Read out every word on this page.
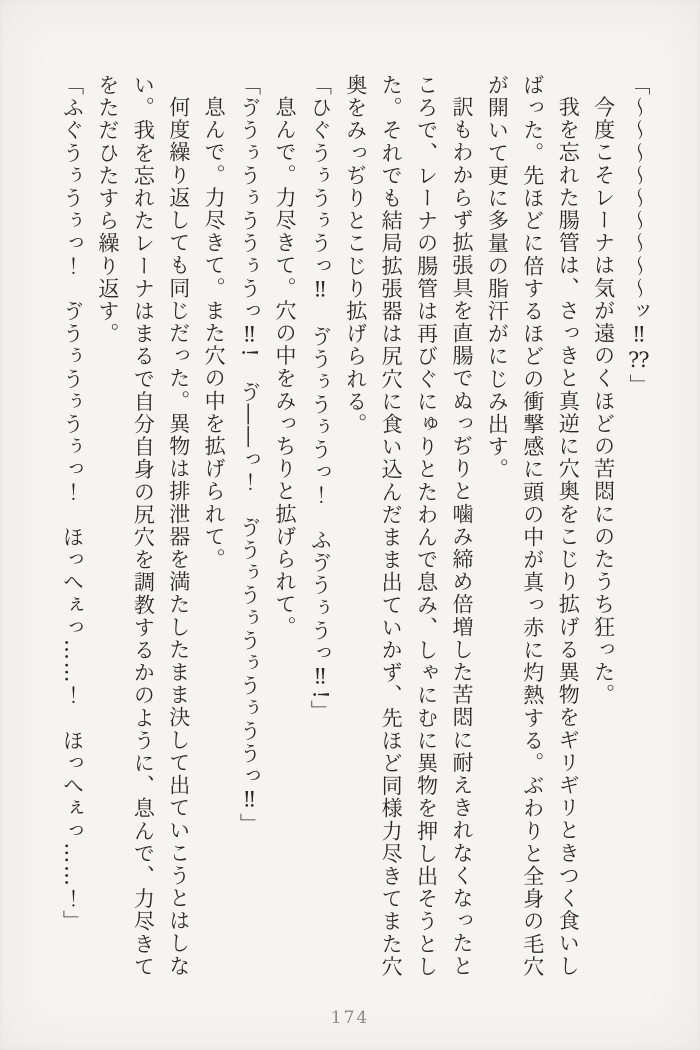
「～～～～～～～～～ッ‼⁇」
今度こそレーナは気が遠のくほどの苦悶にのたうち狂った。
我を忘れた腸管は、さっきと真逆に穴奥をこじり拡げる異物をギリギリときつく食いし
ばった。先ほどに倍するほどの衝撃感に頭の中が真っ赤に灼熱する。ぶわりと全身の毛穴
が開いて更に多量の脂汗がにじみ出す。
訳もわからず拡張具を直腸でぬっぢりと噛み締め倍増した苦悶に耐えきれなくなったと
ころで、レーナの腸管は再びぐにゅりとたわんで息み、しゃにむに異物を押し出そうとし
た。それでも結局拡張器は尻穴に食い込んだまま出ていかず、先ほど同様力尽きてまた穴
奥をみっぢりとこじり拡げられる。
「ひぐうぅうぅうっ‼　ゔうぅうぅうっ！　ふゔうぅうっ‼!」
息んで。力尽きて。穴の中をみっちりと拡げられて。
「ゔうぅうぅううぅうっ‼!　ゔ――っ！　ゔうぅうぅうぅうぅううっ‼」
息んで。力尽きて。また穴の中を拡げられて。
何度繰り返しても同じだった。異物は排泄器を満たしたまま決して出ていこうとはしな
い。我を忘れたレーナはまるで自分自身の尻穴を調教するかのように、息んで、力尽きて
をただひたすら繰り返す。
「ふぐうぅうぅっ！　ゔうぅうぅうぅっ！　ほっへぇっ……！　ほっへぇっ……！」
174
